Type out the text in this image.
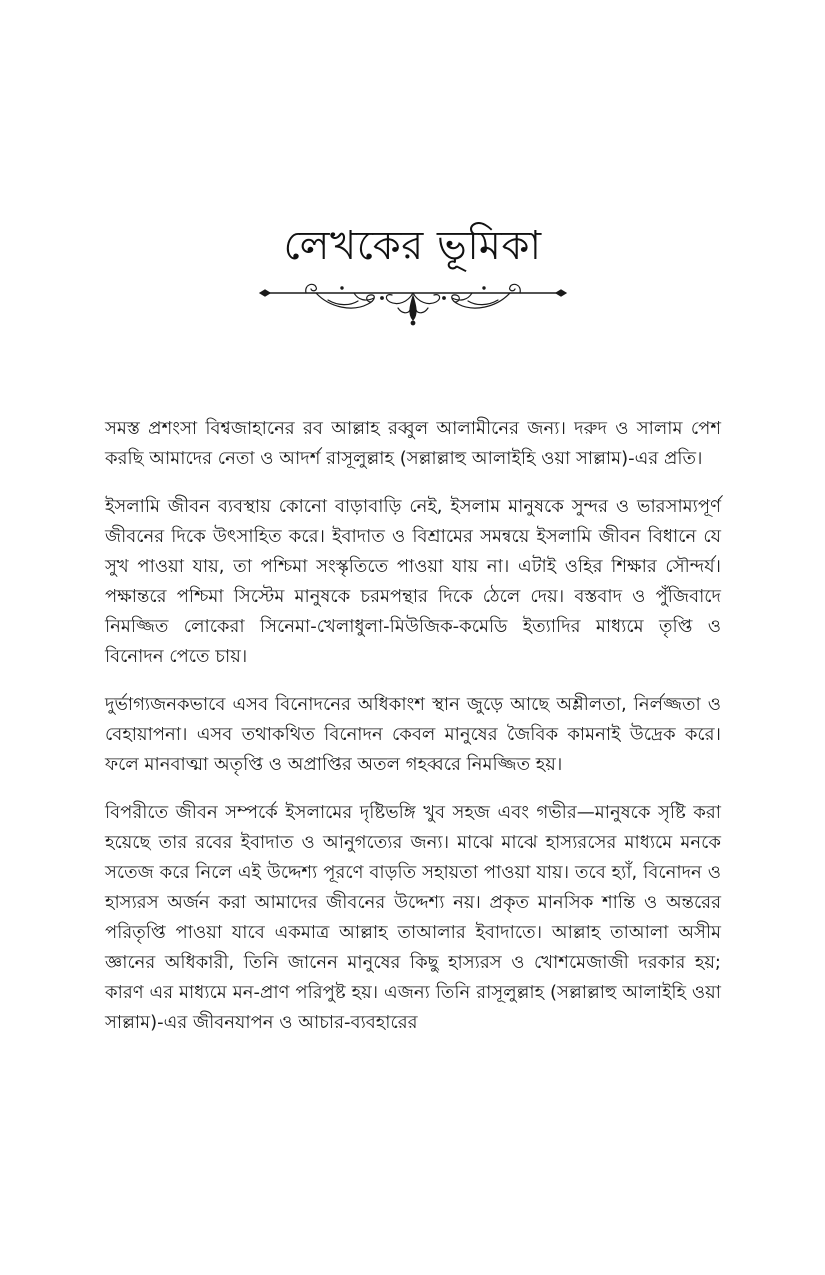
লেখকের ভূমিকা

সমস্ত প্রশংসা বিশ্বজাহানের রব আল্লাহ রব্বুল আলামীনের জন্য। দরুদ ও সালাম পেশ করছি আমাদের নেতা ও আদর্শ রাসূলুল্লাহ (সল্লাল্লাহু আলাইহি ওয়া সাল্লাম)-এর প্রতি।

ইসলামি জীবন ব্যবস্থায় কোনো বাড়াবাড়ি নেই, ইসলাম মানুষকে সুন্দর ও ভারসাম্যপূর্ণ জীবনের দিকে উৎসাহিত করে। ইবাদাত ও বিশ্রামের সমন্বয়ে ইসলামি জীবন বিধানে যে সুখ পাওয়া যায়, তা পশ্চিমা সংস্কৃতিতে পাওয়া যায় না। এটাই ওহির শিক্ষার সৌন্দর্য। পক্ষান্তরে পশ্চিমা সিস্টেম মানুষকে চরমপন্থার দিকে ঠেলে দেয়। বস্তবাদ ও পুঁজিবাদে নিমজ্জিত লোকেরা সিনেমা-খেলাধুলা-মিউজিক-কমেডি ইত্যাদির মাধ্যমে তৃপ্তি ও বিনোদন পেতে চায়।

দুর্ভাগ্যজনকভাবে এসব বিনোদনের অধিকাংশ স্থান জুড়ে আছে অশ্লীলতা, নির্লজ্জতা ও বেহায়াপনা। এসব তথাকথিত বিনোদন কেবল মানুষের জৈবিক কামনাই উদ্রেক করে। ফলে মানবাত্মা অতৃপ্তি ও অপ্রাপ্তির অতল গহব্বরে নিমজ্জিত হয়।

বিপরীতে জীবন সম্পর্কে ইসলামের দৃষ্টিভঙ্গি খুব সহজ এবং গভীর—মানুষকে সৃষ্টি করা হয়েছে তার রবের ইবাদাত ও আনুগত্যের জন্য। মাঝে মাঝে হাস্যরসের মাধ্যমে মনকে সতেজ করে নিলে এই উদ্দেশ্য পূরণে বাড়তি সহায়তা পাওয়া যায়। তবে হ্যাঁ, বিনোদন ও হাস্যরস অর্জন করা আমাদের জীবনের উদ্দেশ্য নয়। প্রকৃত মানসিক শান্তি ও অন্তরের পরিতৃপ্তি পাওয়া যাবে একমাত্র আল্লাহ তাআলার ইবাদাতে। আল্লাহ তাআলা অসীম জ্ঞানের অধিকারী, তিনি জানেন মানুষের কিছু হাস্যরস ও খোশমেজাজী দরকার হয়; কারণ এর মাধ্যমে মন-প্রাণ পরিপুষ্ট হয়। এজন্য তিনি রাসূলুল্লাহ (সল্লাল্লাহু আলাইহি ওয়া সাল্লাম)-এর জীবনযাপন ও আচার-ব্যবহারের
